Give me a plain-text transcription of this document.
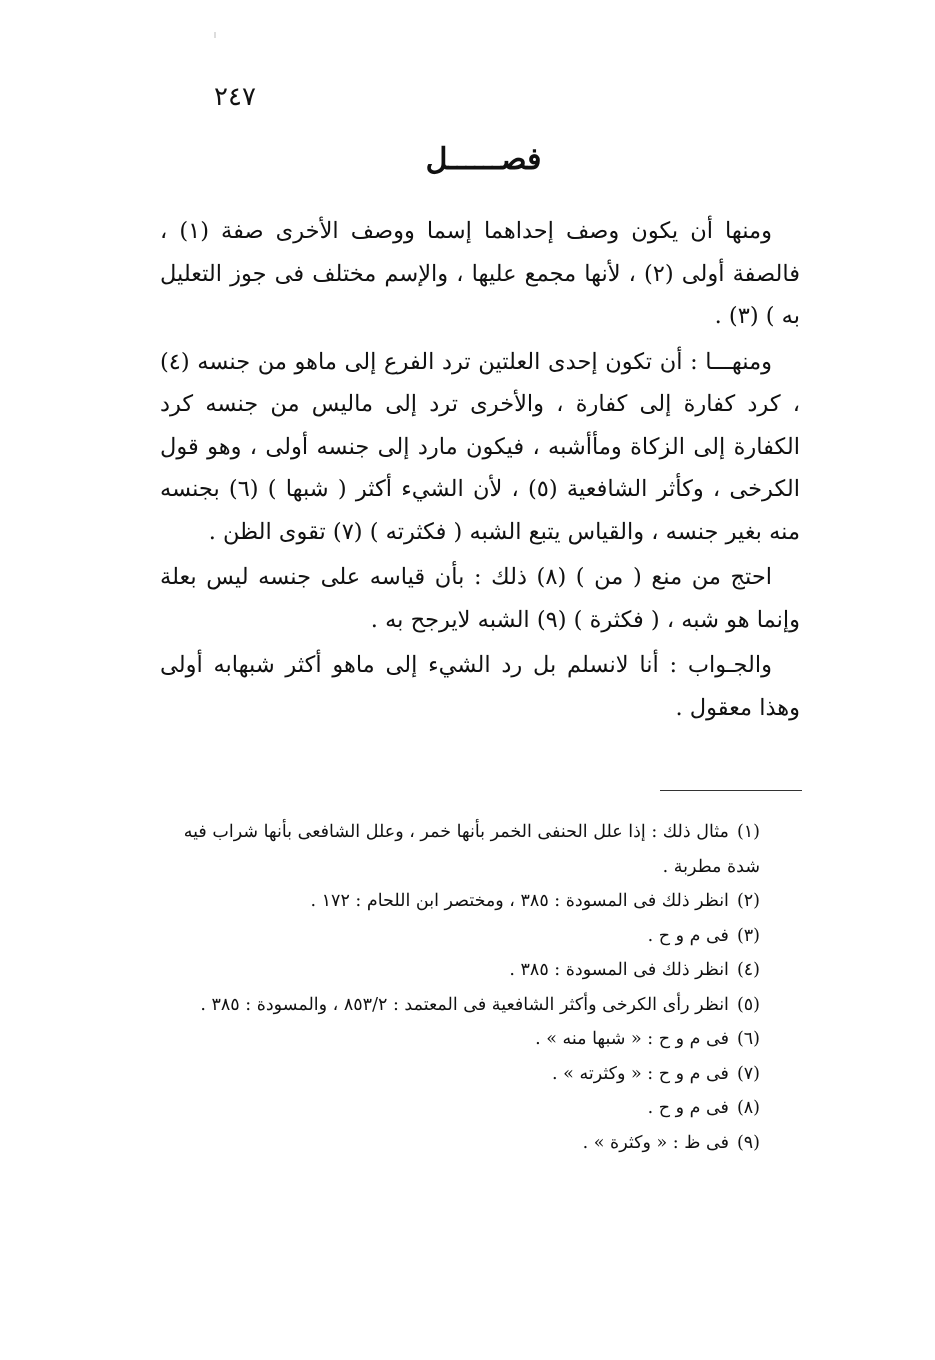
٢٤٧
فصــــــل

ومنها أن يكون وصف إحداهما إسما ووصف الأخرى صفة (١) ، فالصفة أولى (٢) ، لأنها مجمع عليها ، والإسم مختلف فى جوز التعليل به ) (٣) .

ومنهـــا : أن تكون إحدى العلتين ترد الفرع إلى ماهو من جنسه (٤) ، كرد كفارة إلى كفارة ، والأخرى ترد إلى ماليس من جنسه كرد الكفارة إلى الزكاة ومأأشبه ، فيكون مارد إلى جنسه أولى ، وهو قول الكرخى ، وكأثر الشافعية (٥) ، لأن الشيء أكثر ( شبها ) (٦) بجنسه منه بغير جنسه ، والقياس يتبع الشبه ( فكثرته ) (٧) تقوى الظن .

احتج من منع ( من ) (٨) ذلك : بأن قياسه على جنسه ليس بعلة وإنما هو شبه ، ( فكثرة ) (٩) الشبه لايرجح به .

والجـواب : أنا لانسلم بل رد الشيء إلى ماهو أكثر شبهابه أولى وهذا معقول .

(١)مثال ذلك : إذا علل الحنفى الخمر بأنها خمر ، وعلل الشافعى بأنها شراب فيه شدة مطربة .

(٢)انظر ذلك فى المسودة : ٣٨٥ ، ومختصر ابن اللحام : ١٧٢ .

(٣)فى م و ح .

(٤)انظر ذلك فى المسودة : ٣٨٥ .

(٥)انظر رأى الكرخى وأكثر الشافعية فى المعتمد : ٨٥٣/٢ ، والمسودة : ٣٨٥ .

(٦)فى م و ح : « شبها منه » .

(٧)فى م و ح : « وكثرته » .

(٨)فى م و ح .

(٩)فى ظ : « وكثرة » .
